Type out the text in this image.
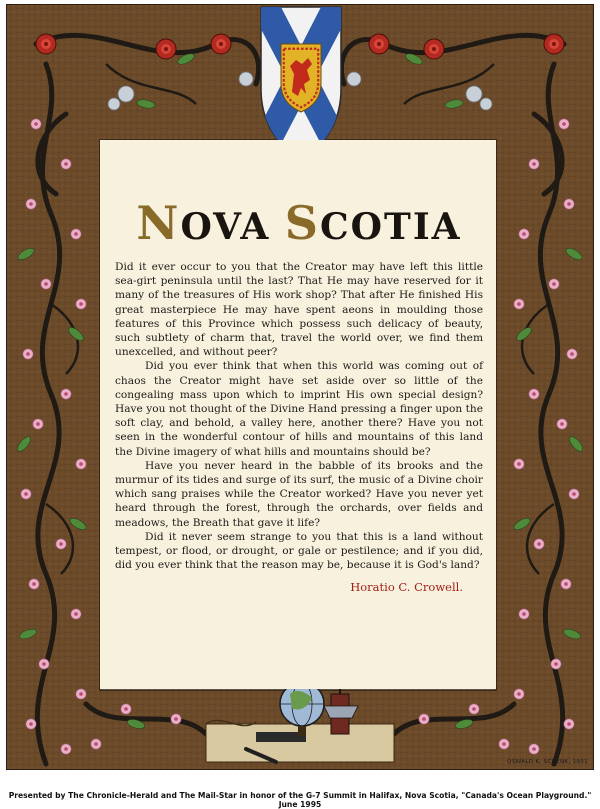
NOVA SCOTIA

Did it ever occur to you that the Creator may have left this little sea-girt peninsula until the last? That He may have reserved for it many of the treasures of His work shop? That after He finished His great masterpiece He may have spent aeons in moulding those features of this Province which possess such delicacy of beauty, such subtlety of charm that, travel the world over, we find them unexcelled, and without peer?

Did you ever think that when this world was coming out of chaos the Creator might have set aside over so little of the congealing mass upon which to imprint His own special design? Have you not thought of the Divine Hand pressing a finger upon the soft clay, and behold, a valley here, another there? Have you not seen in the wonderful contour of hills and mountains of this land the Divine imagery of what hills and mountains should be?

Have you never heard in the babble of its brooks and the murmur of its tides and surge of its surf, the music of a Divine choir which sang praises while the Creator worked? Have you never yet heard through the forest, through the orchards, over fields and meadows, the Breath that gave it life?

Did it never seem strange to you that this is a land without tempest, or flood, or drought, or gale or pestilence; and if you did, did you ever think that the reason may be, because it is God's land?

Horatio C. Crowell.
OSWALD K. SCHENK, 1931
Presented by The Chronicle-Herald and The Mail-Star in honor of the G-7 Summit in Halifax, Nova Scotia, "Canada's Ocean Playground." June 1995
